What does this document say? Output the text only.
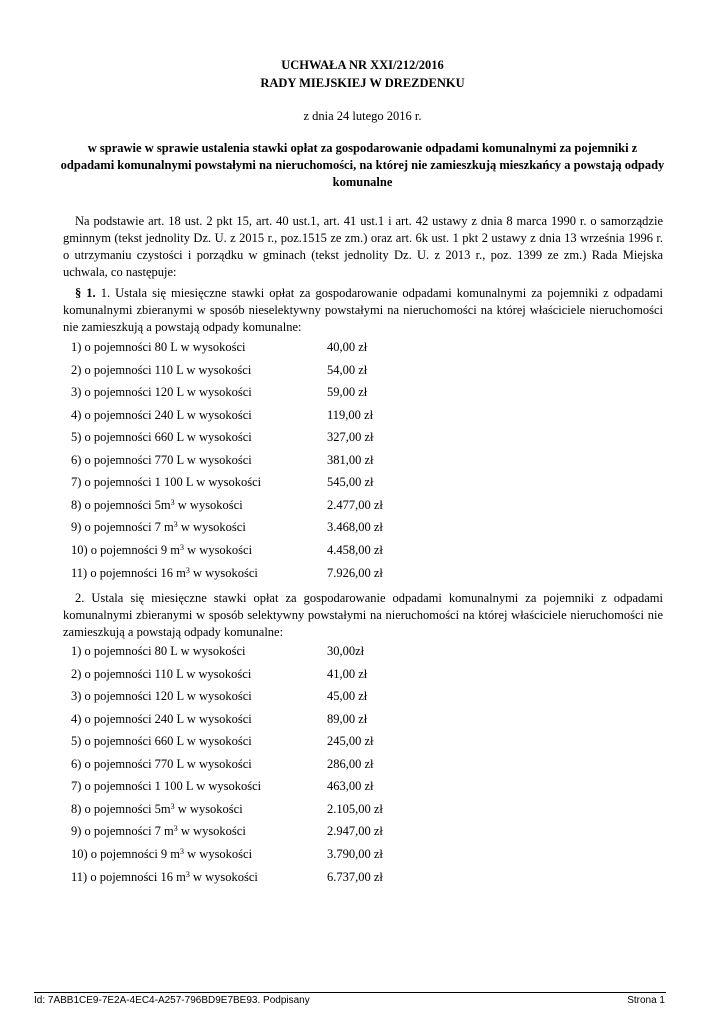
UCHWAŁA NR XXI/212/2016
RADY MIEJSKIEJ W DREZDENKU
z dnia 24 lutego 2016 r.
w sprawie w sprawie ustalenia stawki opłat za gospodarowanie odpadami komunalnymi za pojemniki z odpadami komunalnymi powstałymi na nieruchomości, na której nie zamieszkują mieszkańcy a powstają odpady komunalne
Na podstawie art. 18 ust. 2 pkt 15, art. 40 ust.1, art. 41 ust.1 i art. 42 ustawy z dnia 8 marca 1990 r. o samorządzie gminnym (tekst jednolity Dz. U. z 2015 r., poz.1515 ze zm.) oraz art. 6k ust. 1 pkt 2 ustawy z dnia 13 września 1996 r. o utrzymaniu czystości i porządku w gminach (tekst jednolity Dz. U. z 2013 r., poz. 1399 ze zm.) Rada Miejska uchwala, co następuje:
§ 1. 1. Ustala się miesięczne stawki opłat za gospodarowanie odpadami komunalnymi za pojemniki z odpadami komunalnymi zbieranymi w sposób nieselektywny powstałymi na nieruchomości na której właściciele nieruchomości nie zamieszkują a powstają odpady komunalne:
1) o pojemności 80 L w wysokości	40,00 zł
2) o pojemności 110 L w wysokości	54,00 zł
3) o pojemności 120 L w wysokości	59,00 zł
4) o pojemności 240 L w wysokości	119,00 zł
5) o pojemności 660 L w wysokości	327,00 zł
6) o pojemności 770 L w wysokości	381,00 zł
7) o pojemności 1 100 L w wysokości	545,00 zł
8) o pojemności $5m^3$ w wysokości	2.477,00 zł
9) o pojemności 7 $m^3$ w wysokości	3.468,00 zł
10) o pojemności 9 $m^3$ w wysokości	4.458,00 zł
11) o pojemności 16 $m^3$ w wysokości	7.926,00 zł
2. Ustala się miesięczne stawki opłat za gospodarowanie odpadami komunalnymi za pojemniki z odpadami komunalnymi zbieranymi w sposób selektywny powstałymi na nieruchomości na której właściciele nieruchomości nie zamieszkują a powstają odpady komunalne:
1) o pojemności 80 L w wysokości	30,00zł
2) o pojemności 110 L w wysokości	41,00 zł
3) o pojemności 120 L w wysokości	45,00 zł
4) o pojemności 240 L w wysokości	89,00 zł
5) o pojemności 660 L w wysokości	245,00 zł
6) o pojemności 770 L w wysokości	286,00 zł
7) o pojemności 1 100 L w wysokości	463,00 zł
8) o pojemności $5m^3$ w wysokości	2.105,00 zł
9) o pojemności 7 $m^3$ w wysokości	2.947,00 zł
10) o pojemności 9 $m^3$ w wysokości	3.790,00 zł
11) o pojemności 16 $m^3$ w wysokości	6.737,00 zł
Id: 7ABB1CE9-7E2A-4EC4-A257-796BD9E7BE93. Podpisany	Strona 1
